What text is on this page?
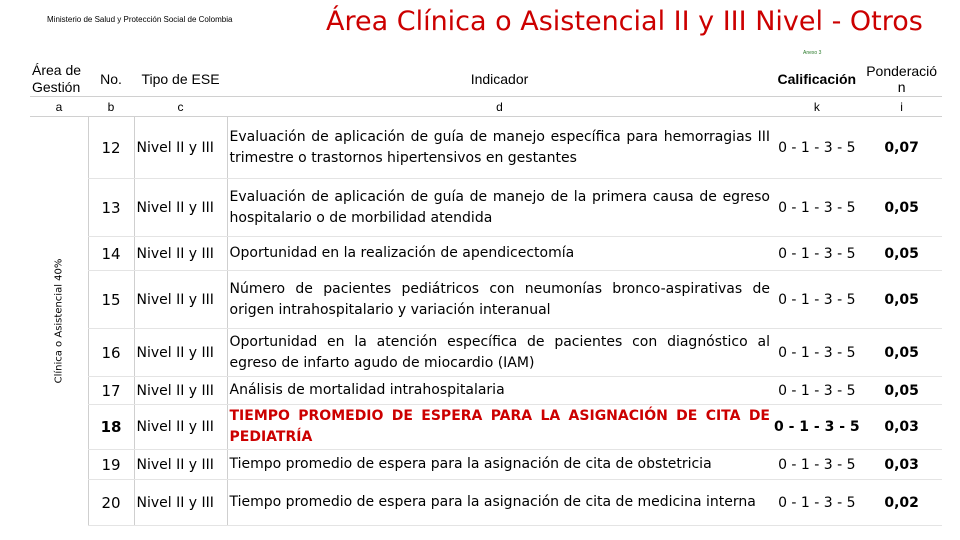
Ministerio de Salud y Protección Social de Colombia	Área Clínica o Asistencial II y III Nivel - Otros
Anexo 3
Área de Gestión	No.	Tipo de ESE	Indicador	Calificación	Ponderación
a	b	c	d	k	i

Clínica o Asistencial 40%	12	Nivel II y III	Evaluación de aplicación de guía de manejo específica para hemorragias III trimestre o trastornos hipertensivos en gestantes	0 - 1 - 3 - 5	0,07
	13	Nivel II y III	Evaluación de aplicación de guía de manejo de la primera causa de egreso hospitalario o de morbilidad atendida	0 - 1 - 3 - 5	0,05
	14	Nivel II y III	Oportunidad en la realización de apendicectomía	0 - 1 - 3 - 5	0,05
	15	Nivel II y III	Número de pacientes pediátricos con neumonías bronco-aspirativas de origen intrahospitalario y variación interanual	0 - 1 - 3 - 5	0,05
	16	Nivel II y III	Oportunidad en la atención específica de pacientes con diagnóstico al egreso de infarto agudo de miocardio (IAM)	0 - 1 - 3 - 5	0,05
	17	Nivel II y III	Análisis de mortalidad intrahospitalaria	0 - 1 - 3 - 5	0,05
	18	Nivel II y III	TIEMPO PROMEDIO DE ESPERA PARA LA ASIGNACIÓN DE CITA DE PEDIATRÍA	0 - 1 - 3 - 5	0,03
	19	Nivel II y III	Tiempo promedio de espera para la asignación de cita de obstetricia	0 - 1 - 3 - 5	0,03
	20	Nivel II y III	Tiempo promedio de espera para la asignación de cita de medicina interna	0 - 1 - 3 - 5	0,02
